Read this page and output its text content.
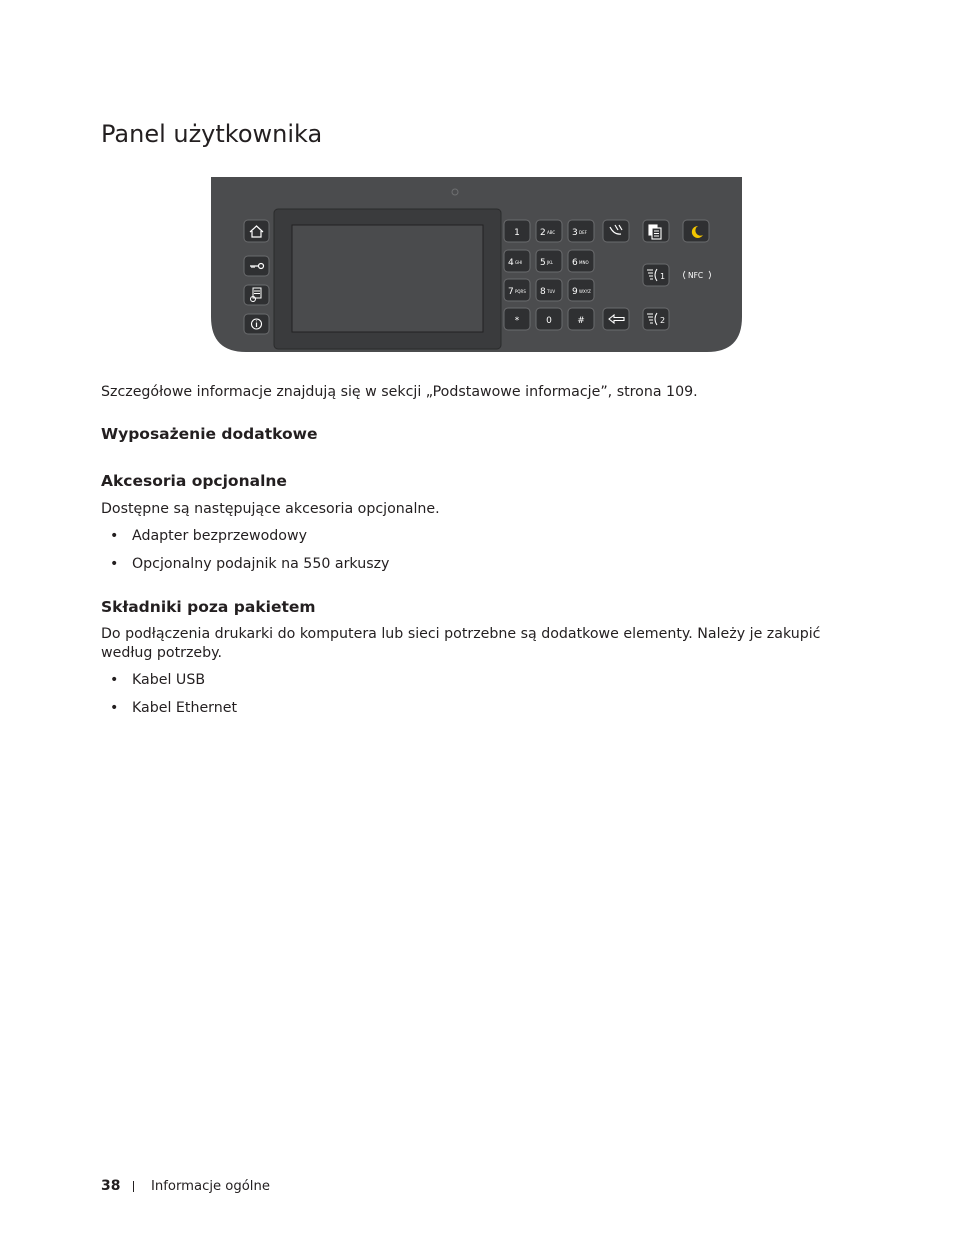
Panel użytkownika
1 2 ABC 3 DEF
4 GHI 5 JKL 6 MNO
7 PQRS 8 TUV 9 WXYZ
*	0	#
1
2
NFC
Szczegółowe informacje znajdują się w sekcji „Podstawowe informacje”, strona 109.
Wyposażenie dodatkowe
Akcesoria opcjonalne
Dostępne są następujące akcesoria opcjonalne.
• Adapter bezprzewodowy
• Opcjonalny podajnik na 550 arkuszy
Składniki poza pakietem
Do podłączenia drukarki do komputera lub sieci potrzebne są dodatkowe elementy. Należy je zakupić
według potrzeby.
• Kabel USB
• Kabel Ethernet
38 Informacje ogólne
